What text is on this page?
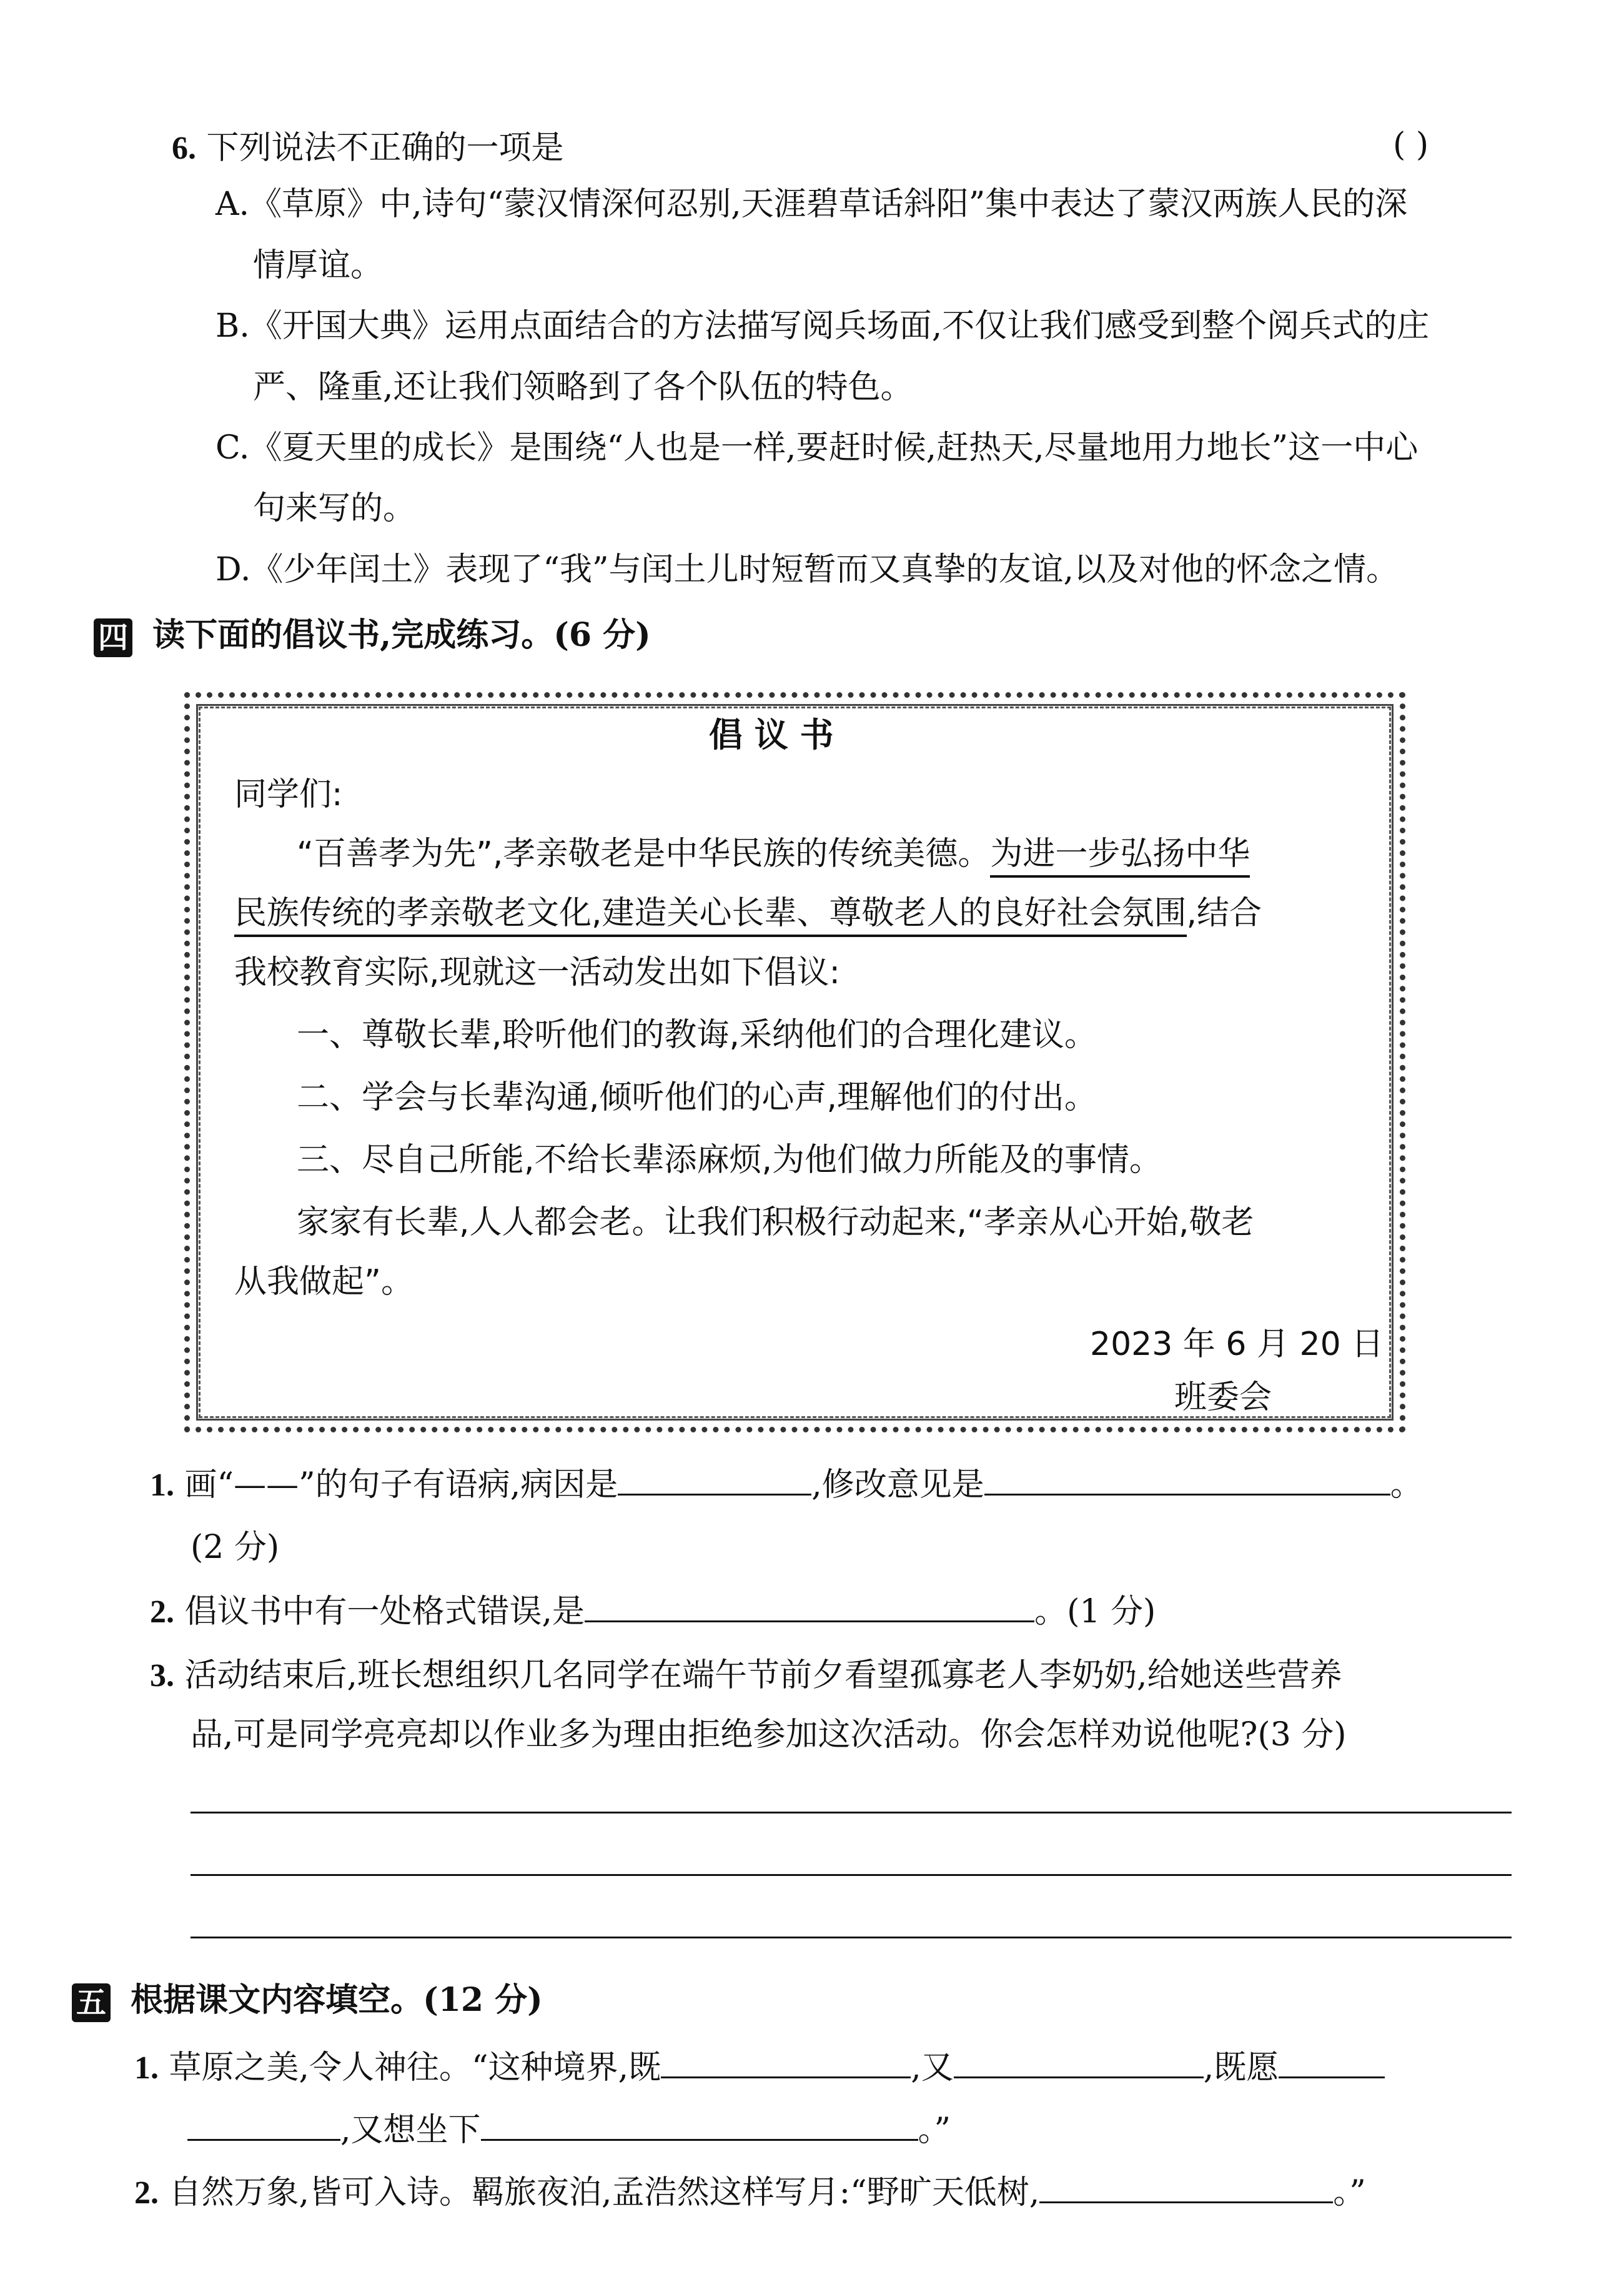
6. 下列说法不正确的一项是	( )
A.《草原》中,诗句“蒙汉情深何忍别,天涯碧草话斜阳”集中表达了蒙汉两族人民的深
情厚谊。
B.《开国大典》运用点面结合的方法描写阅兵场面,不仅让我们感受到整个阅兵式的庄
严、隆重,还让我们领略到了各个队伍的特色。
C.《夏天里的成长》是围绕“人也是一样,要赶时候,赶热天,尽量地用力地长”这一中心
句来写的。
D.《少年闰土》表现了“我”与闰土儿时短暂而又真挚的友谊,以及对他的怀念之情。
四 读下面的倡议书,完成练习。(6 分)
倡 议 书
同学们:
“百善孝为先”,孝亲敬老是中华民族的传统美德。为进一步弘扬中华
民族传统的孝亲敬老文化,建造关心长辈、尊敬老人的良好社会氛围,结合
我校教育实际,现就这一活动发出如下倡议:
一、尊敬长辈,聆听他们的教诲,采纳他们的合理化建议。
二、学会与长辈沟通,倾听他们的心声,理解他们的付出。
三、尽自己所能,不给长辈添麻烦,为他们做力所能及的事情。
家家有长辈,人人都会老。让我们积极行动起来,“孝亲从心开始,敬老
从我做起”。
2023 年 6 月 20 日
班委会
1. 画“——”的句子有语病,病因是	,修改意见是	。
(2 分)
2. 倡议书中有一处格式错误,是	。(1 分)
3. 活动结束后,班长想组织几名同学在端午节前夕看望孤寡老人李奶奶,给她送些营养
品,可是同学亮亮却以作业多为理由拒绝参加这次活动。你会怎样劝说他呢?(3 分)
五 根据课文内容填空。(12 分)
1. 草原之美,令人神往。“这种境界,既	,又	,既愿
,又想坐下	。”
2. 自然万象,皆可入诗。羁旅夜泊,孟浩然这样写月:“野旷天低树,	。”
